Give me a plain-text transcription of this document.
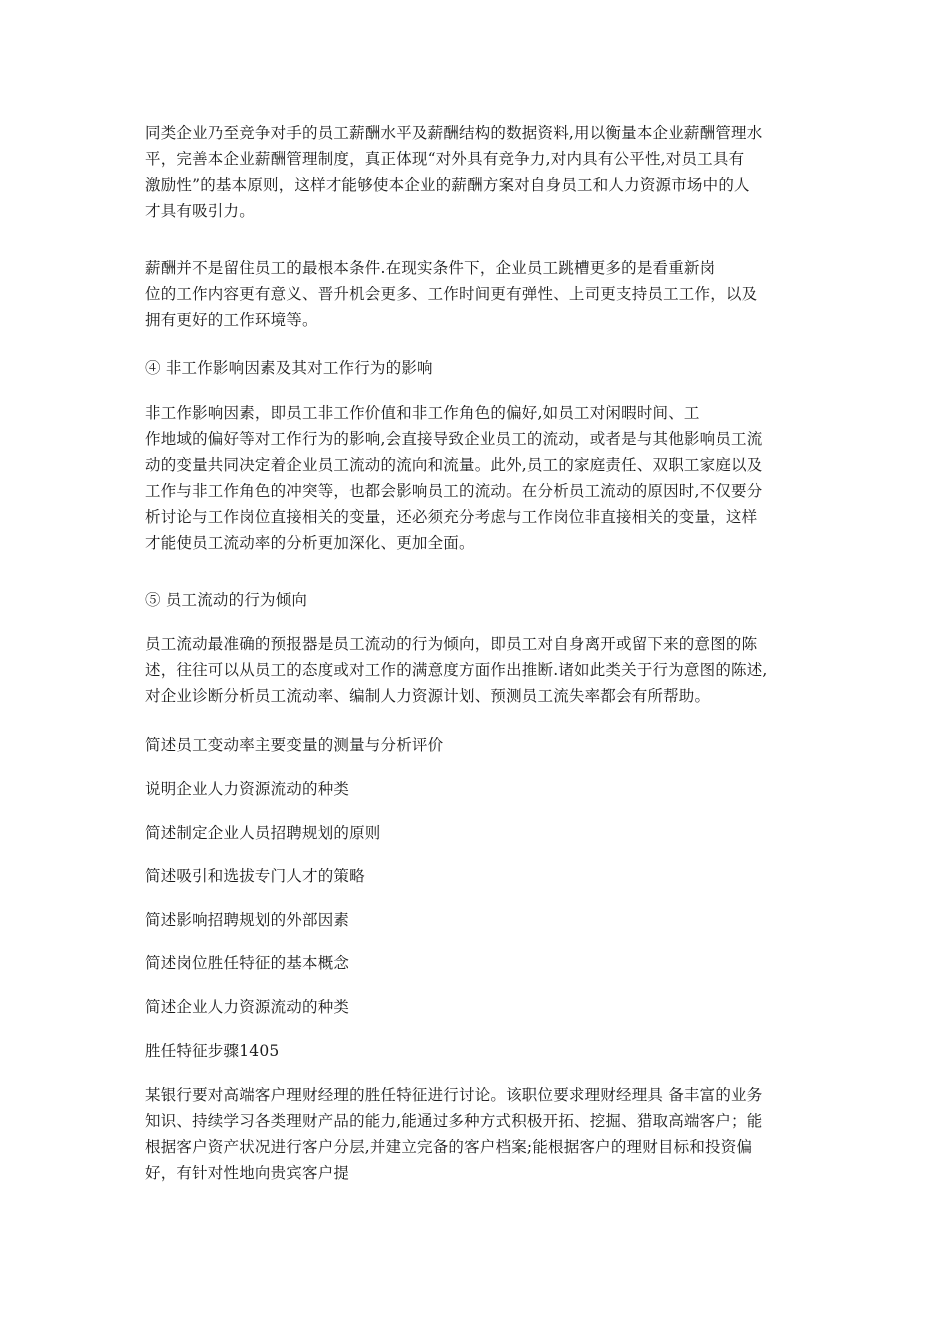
同类企业乃至竞争对手的员工薪酬水平及薪酬结构的数据资料,用以衡量本企业薪酬管理水
平，完善本企业薪酬管理制度，真正体现“对外具有竞争力,对内具有公平性,对员工具有
激励性”的基本原则，这样才能够使本企业的薪酬方案对自身员工和人力资源市场中的人
才具有吸引力。

薪酬并不是留住员工的最根本条件.在现实条件下，企业员工跳槽更多的是看重新岗
位的工作内容更有意义、晋升机会更多、工作时间更有弹性、上司更支持员工工作，以及
拥有更好的工作环境等。

④ 非工作影响因素及其对工作行为的影响

非工作影响因素，即员工非工作价值和非工作角色的偏好,如员工对闲暇时间、工
作地域的偏好等对工作行为的影响,会直接导致企业员工的流动，或者是与其他影响员工流
动的变量共同决定着企业员工流动的流向和流量。此外,员工的家庭责任、双职工家庭以及
工作与非工作角色的冲突等，也都会影响员工的流动。在分析员工流动的原因时,不仅要分
析讨论与工作岗位直接相关的变量，还必须充分考虑与工作岗位非直接相关的变量，这样
才能使员工流动率的分析更加深化、更加全面。

⑤ 员工流动的行为倾向

员工流动最准确的预报器是员工流动的行为倾向，即员工对自身离开或留下来的意图的陈
述，往往可以从员工的态度或对工作的满意度方面作出推断.诸如此类关于行为意图的陈述,
对企业诊断分析员工流动率、编制人力资源计划、预测员工流失率都会有所帮助。

简述员工变动率主要变量的测量与分析评价

说明企业人力资源流动的种类

简述制定企业人员招聘规划的原则

简述吸引和选拔专门人才的策略

简述影响招聘规划的外部因素

简述岗位胜任特征的基本概念

简述企业人力资源流动的种类

胜任特征步骤1405

某银行要对高端客户理财经理的胜任特征进行讨论。该职位要求理财经理具 备丰富的业务
知识、持续学习各类理财产品的能力,能通过多种方式积极开拓、挖掘、猎取高端客户；能
根据客户资产状况进行客户分层,并建立完备的客户档案;能根据客户的理财目标和投资偏
好，有针对性地向贵宾客户提
